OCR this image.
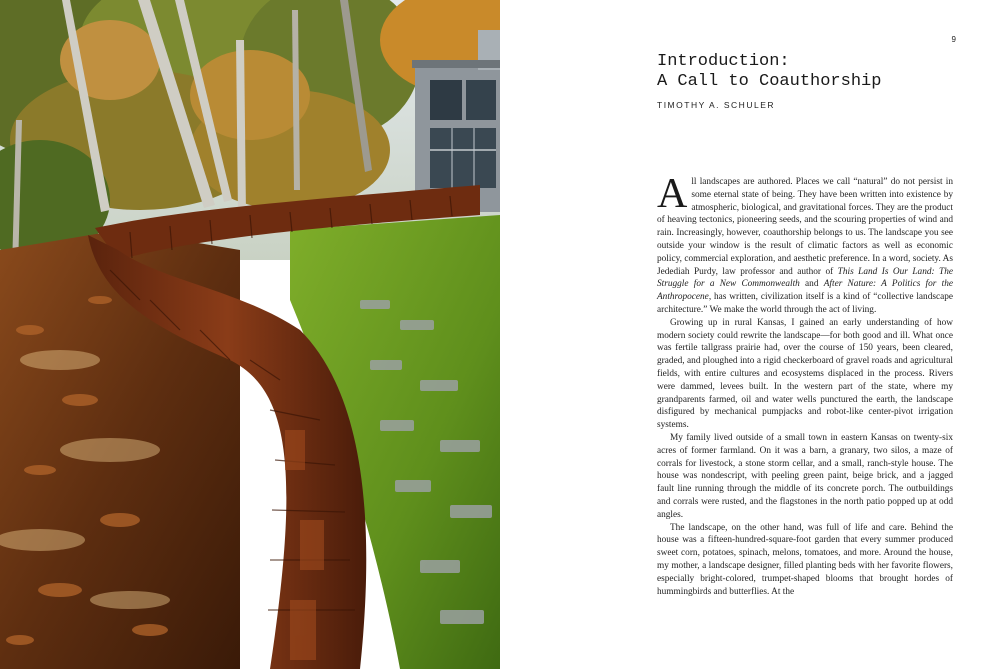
9
Introduction:
A Call to Coauthorship
TIMOTHY A. SCHULER

All landscapes are authored. Places we call “natural” do not persist in some eternal state of being. They have been written into existence by atmospheric, biological, and gravitational forces. They are the product of heaving tectonics, pioneering seeds, and the scouring properties of wind and rain. Increasingly, however, coauthorship belongs to us. The landscape you see outside your window is the result of climatic factors as well as economic policy, commercial exploration, and aesthetic preference. In a word, society. As Jedediah Purdy, law professor and author of This Land Is Our Land: The Struggle for a New Commonwealth and After Nature: A Politics for the Anthropocene, has written, civilization itself is a kind of “collective landscape architecture.” We make the world through the act of living.

Growing up in rural Kansas, I gained an early understanding of how modern society could rewrite the landscape—for both good and ill. What once was fertile tallgrass prairie had, over the course of 150 years, been cleared, graded, and ploughed into a rigid checkerboard of gravel roads and agricultural fields, with entire cultures and ecosystems displaced in the process. Rivers were dammed, levees built. In the western part of the state, where my grandparents farmed, oil and water wells punctured the earth, the landscape disfigured by mechanical pumpjacks and robot-like center-pivot irrigation systems.

My family lived outside of a small town in eastern Kansas on twenty-six acres of former farmland. On it was a barn, a granary, two silos, a maze of corrals for livestock, a stone storm cellar, and a small, ranch-style house. The house was nondescript, with peeling green paint, beige brick, and a jagged fault line running through the middle of its concrete porch. The outbuildings and corrals were rusted, and the flagstones in the north patio popped up at odd angles.

The landscape, on the other hand, was full of life and care. Behind the house was a fifteen-hundred-square-foot garden that every summer produced sweet corn, potatoes, spinach, melons, tomatoes, and more. Around the house, my mother, a landscape designer, filled planting beds with her favorite flowers, especially bright-colored, trumpet-shaped blooms that brought hordes of hummingbirds and butterflies. At the
